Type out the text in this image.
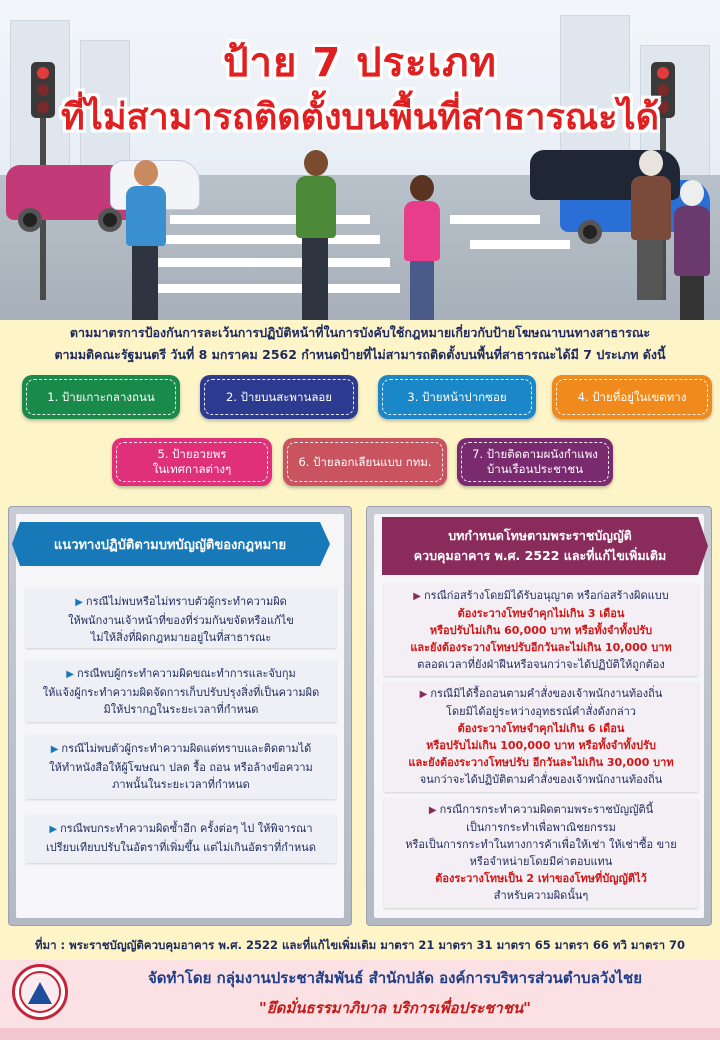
ป้าย 7 ประเภท
ที่ไม่สามารถติดตั้งบนพื้นที่สาธารณะได้
ตามมาตรการป้องกันการละเว้นการปฏิบัติหน้าที่ในการบังคับใช้กฎหมายเกี่ยวกับป้ายโฆษณาบนทางสาธารณะ
ตามมติคณะรัฐมนตรี วันที่ 8 มกราคม 2562 กำหนดป้ายที่ไม่สามารถติดตั้งบนพื้นที่สาธารณะได้มี 7 ประเภท ดังนี้
1. ป้ายเกาะกลางถนน	2. ป้ายบนสะพานลอย	3. ป้ายหน้าปากซอย	4. ป้ายที่อยู่ในเขตทาง
5. ป้ายอวยพร
ในเทศกาลต่างๆ
6. ป้ายลอกเลียนแบบ กทม.
7. ป้ายติดตามผนังกำแพง
บ้านเรือนประชาชน
แนวทางปฏิบัติตามบทบัญญัติของกฎหมาย
▶ กรณีไม่พบหรือไม่ทราบตัวผู้กระทำความผิด
ให้พนักงานเจ้าหน้าที่ของที่ร่วมกันขจัดหรือแก้ไข
ไม่ให้สิ่งที่ผิดกฎหมายอยู่ในที่สาธารณะ
▶ กรณีพบผู้กระทำความผิดขณะทำการและจับกุม
ให้แจ้งผู้กระทำความผิดจัดการเก็บปรับปรุงสิ่งที่เป็นความผิด
มิให้ปรากฏในระยะเวลาที่กำหนด
▶ กรณีไม่พบตัวผู้กระทำความผิดแต่ทราบและติดตามได้
ให้ทำหนังสือให้ผู้โฆษณา ปลด รื้อ ถอน หรือล้างข้อความ
ภาพนั้นในระยะเวลาที่กำหนด
▶ กรณีพบกระทำความผิดซ้ำอีก ครั้งต่อๆ ไป ให้พิจารณา
เปรียบเทียบปรับในอัตราที่เพิ่มขึ้น แต่ไม่เกินอัตราที่กำหนด
บทกำหนดโทษตามพระราชบัญญัติ
ควบคุมอาคาร พ.ศ. 2522 และที่แก้ไขเพิ่มเติม
▶ กรณีก่อสร้างโดยมิได้รับอนุญาต หรือก่อสร้างผิดแบบ
ต้องระวางโทษจำคุกไม่เกิน 3 เดือน
หรือปรับไม่เกิน 60,000 บาท หรือทั้งจำทั้งปรับ
และยังต้องระวางโทษปรับอีกวันละไม่เกิน 10,000 บาท
ตลอดเวลาที่ยังฝ่าฝืนหรือจนกว่าจะได้ปฏิบัติให้ถูกต้อง
▶ กรณีมิได้รื้อถอนตามคำสั่งของเจ้าพนักงานท้องถิ่น
โดยมิได้อยู่ระหว่างอุทธรณ์คำสั่งดังกล่าว
ต้องระวางโทษจำคุกไม่เกิน 6 เดือน
หรือปรับไม่เกิน 100,000 บาท หรือทั้งจำทั้งปรับ
และยังต้องระวางโทษปรับ อีกวันละไม่เกิน 30,000 บาท
จนกว่าจะได้ปฏิบัติตามคำสั่งของเจ้าพนักงานท้องถิ่น
▶ กรณีการกระทำความผิดตามพระราชบัญญัตินี้
เป็นการกระทำเพื่อพาณิชยกรรม
หรือเป็นการกระทำในทางการค้าเพื่อให้เช่า ให้เช่าซื้อ ขาย
หรือจำหน่ายโดยมีค่าตอบแทน
ต้องระวางโทษเป็น 2 เท่าของโทษที่บัญญัติไว้
สำหรับความผิดนั้นๆ
ที่มา : พระราชบัญญัติควบคุมอาคาร พ.ศ. 2522 และที่แก้ไขเพิ่มเติม มาตรา 21 มาตรา 31 มาตรา 65 มาตรา 66 ทวิ มาตรา 70
จัดทำโดย กลุ่มงานประชาสัมพันธ์ สำนักปลัด องค์การบริหารส่วนตำบลวังไชย
"ยึดมั่นธรรมาภิบาล บริการเพื่อประชาชน"
